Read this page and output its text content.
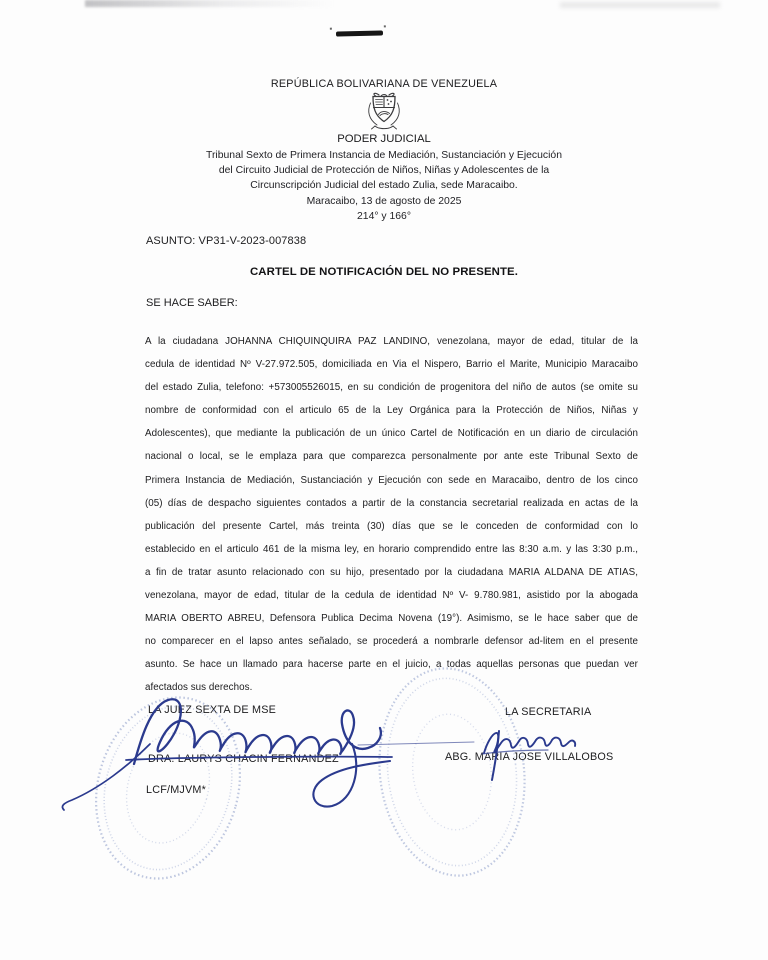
REPÚBLICA BOLIVARIANA DE VENEZUELA
PODER JUDICIAL
Tribunal Sexto de Primera Instancia de Mediación, Sustanciación y Ejecución
del Circuito Judicial de Protección de Niños, Niñas y Adolescentes de la
Circunscripción Judicial del estado Zulia, sede Maracaibo.
Maracaibo, 13 de agosto de 2025
214° y 166°
ASUNTO: VP31-V-2023-007838
CARTEL DE NOTIFICACIÓN DEL NO PRESENTE.
SE HACE SABER:
A la ciudadana JOHANNA CHIQUINQUIRA PAZ LANDINO, venezolana, mayor de edad, titular de la
cedula de identidad Nº V-27.972.505, domiciliada en Via el Nispero, Barrio el Marite, Municipio Maracaibo
del estado Zulia, telefono: +573005526015, en su condición de progenitora del niño de autos (se omite su
nombre de conformidad con el articulo 65 de la Ley Orgánica para la Protección de Niños, Niñas y
Adolescentes), que mediante la publicación de un único Cartel de Notificación en un diario de circulación
nacional o local, se le emplaza para que comparezca personalmente por ante este Tribunal Sexto de
Primera Instancia de Mediación, Sustanciación y Ejecución con sede en Maracaibo, dentro de los cinco
(05) días de despacho siguientes contados a partir de la constancia secretarial realizada en actas de la
publicación del presente Cartel, más treinta (30) días que se le conceden de conformidad con lo
establecido en el articulo 461 de la misma ley, en horario comprendido entre las 8:30 a.m. y las 3:30 p.m.,
a fin de tratar asunto relacionado con su hijo, presentado por la ciudadana MARIA ALDANA DE ATIAS,
venezolana, mayor de edad, titular de la cedula de identidad Nº V- 9.780.981, asistido por la abogada
MARIA OBERTO ABREU, Defensora Publica Decima Novena (19°). Asimismo, se le hace saber que de
no comparecer en el lapso antes señalado, se procederá a nombrarle defensor ad-litem en el presente
asunto. Se hace un llamado para hacerse parte en el juicio, a todas aquellas personas que puedan ver
afectados sus derechos.
LA JUEZ SEXTA DE MSE	LA SECRETARIA
DRA. LAURYS CHACIN FERNANDEZ	ABG. MARIA JOSE VILLALOBOS
LCF/MJVM*
